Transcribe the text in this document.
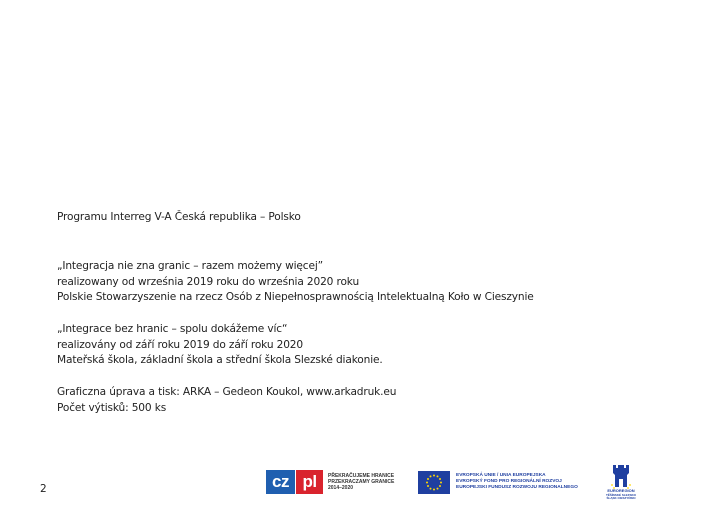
Programu Interreg V-A Česká republika – Polsko
„Integracja nie zna granic – razem możemy więcej”
realizowany od września 2019 roku do września 2020 roku
Polskie Stowarzyszenie na rzecz Osób z Niepełnosprawnością Intelektualną Koło w Cieszynie
„Integrace bez hranic – spolu dokážeme víc“
realizovány od září roku 2019 do září roku 2020
Mateřská škola, základní škola a střední škola Slezské diakonie.
Graficzna úprava a tisk: ARKA – Gedeon Koukol, www.arkadruk.eu
Počet výtisků: 500 ks
2	cz pl	PŘEKRAČUJEME HRANICE
PRZEKRACZAMY GRANICE
2014–2020
EVROPSKÁ UNIE / UNIA EUROPEJSKA
EVROPSKÝ FOND PRO REGIONÁLNÍ ROZVOJ
EUROPEJSKI FUNDUSZ ROZWOJU REGIONALNEGO
EUROREGION
TĚŠÍNSKÉ SLEZSKO
ŚLĄSK CIESZYŃSKI
